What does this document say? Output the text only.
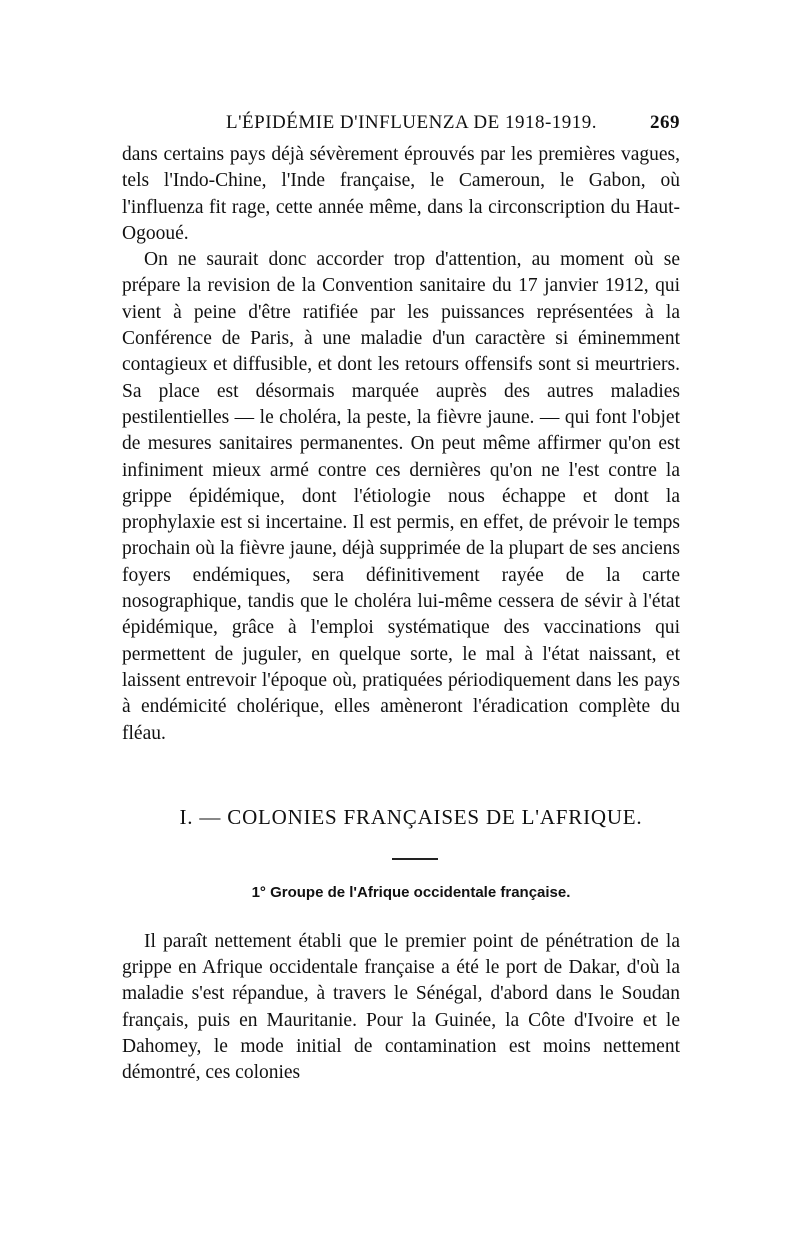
L'ÉPIDÉMIE D'INFLUENZA DE 1918-1919.	269

dans certains pays déjà sévèrement éprouvés par les premières vagues, tels l'Indo-Chine, l'Inde française, le Cameroun, le Gabon, où l'influenza fit rage, cette année même, dans la circonscription du Haut-Ogooué.

On ne saurait donc accorder trop d'attention, au moment où se prépare la revision de la Convention sanitaire du 17 janvier 1912, qui vient à peine d'être ratifiée par les puissances représentées à la Conférence de Paris, à une maladie d'un caractère si éminemment contagieux et diffusible, et dont les retours offensifs sont si meurtriers. Sa place est désormais marquée auprès des autres maladies pestilentielles — le choléra, la peste, la fièvre jaune. — qui font l'objet de mesures sanitaires permanentes. On peut même affirmer qu'on est infiniment mieux armé contre ces dernières qu'on ne l'est contre la grippe épidémique, dont l'étiologie nous échappe et dont la prophylaxie est si incertaine. Il est permis, en effet, de prévoir le temps prochain où la fièvre jaune, déjà supprimée de la plupart de ses anciens foyers endémiques, sera définitivement rayée de la carte nosographique, tandis que le choléra lui-même cessera de sévir à l'état épidémique, grâce à l'emploi systématique des vaccinations qui permettent de juguler, en quelque sorte, le mal à l'état naissant, et laissent entrevoir l'époque où, pratiquées périodiquement dans les pays à endémicité cholérique, elles amèneront l'éradication complète du fléau.

I. — COLONIES FRANÇAISES DE L'AFRIQUE.
1° Groupe de l'Afrique occidentale française.

Il paraît nettement établi que le premier point de pénétration de la grippe en Afrique occidentale française a été le port de Dakar, d'où la maladie s'est répandue, à travers le Sénégal, d'abord dans le Soudan français, puis en Mauritanie. Pour la Guinée, la Côte d'Ivoire et le Dahomey, le mode initial de contamination est moins nettement démontré, ces colonies
